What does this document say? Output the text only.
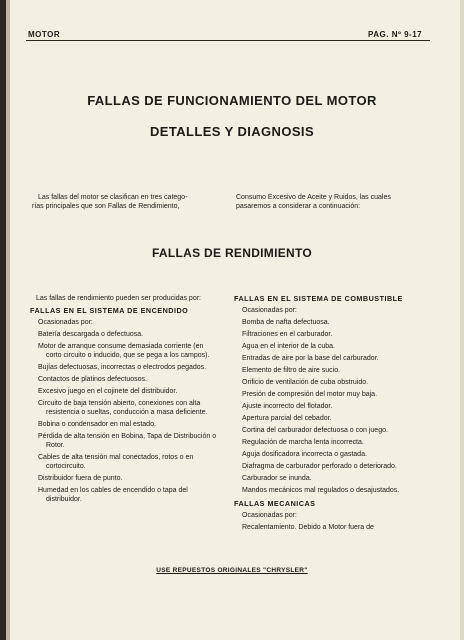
MOTOR	PAG. Nº 9-17
FALLAS DE FUNCIONAMIENTO DEL MOTOR
DETALLES Y DIAGNOSIS
Las fallas del motor se clasifican en tres catego-
rías principales que son Fallas de Rendimiento,
Consumo Excesivo de Aceite y Ruidos, las cuales
pasaremos a considerar a continuación:
FALLAS DE RENDIMIENTO
Las fallas de rendimiento pueden ser producidas por:
FALLAS EN EL SISTEMA DE ENCENDIDO
Ocasionadas por:
Batería descargada o defectuosa.
Motor de arranque consume demasiada corriente (en corto circuito o inducido, que se pega a los campos).
Bujías defectuosas, incorrectas o electrodos pegados.
Contactos de platinos defectuosos.
Excesivo juego en el cojinete del distribuidor.
Circuito de baja tensión abierto, conexiones con alta resistencia o sueltas, conducción a masa deficiente.
Bobina o condensador en mal estado.
Pérdida de alta tensión en Bobina, Tapa de Distribución o Rotor.
Cables de alta tensión mal conectados, rotos o en cortocircuito.
Distribuidor fuera de punto.
Humedad en los cables de encendido o tapa del distribuidor.
FALLAS EN EL SISTEMA DE COMBUSTIBLE
Ocasionadas por:
Bomba de nafta defectuosa.
Filtraciones en el carburador.
Agua en el interior de la cuba.
Entradas de aire por la base del carburador.
Elemento de filtro de aire sucio.
Orificio de ventilación de cuba obstruido.
Presión de compresión del motor muy baja.
Ajuste incorrecto del flotador.
Apertura parcial del cebador.
Cortina del carburador defectuosa o con juego.
Regulación de marcha lenta incorrecta.
Aguja dosificadora incorrecta o gastada.
Diafragma de carburador perforado o deteriorado.
Carburador se inunda.
Mandos mecánicos mal regulados o desajustados.
FALLAS MECANICAS
Ocasionadas por:
Recalentamiento. Debido a Motor fuera de
USE REPUESTOS ORIGINALES "CHRYSLER"
